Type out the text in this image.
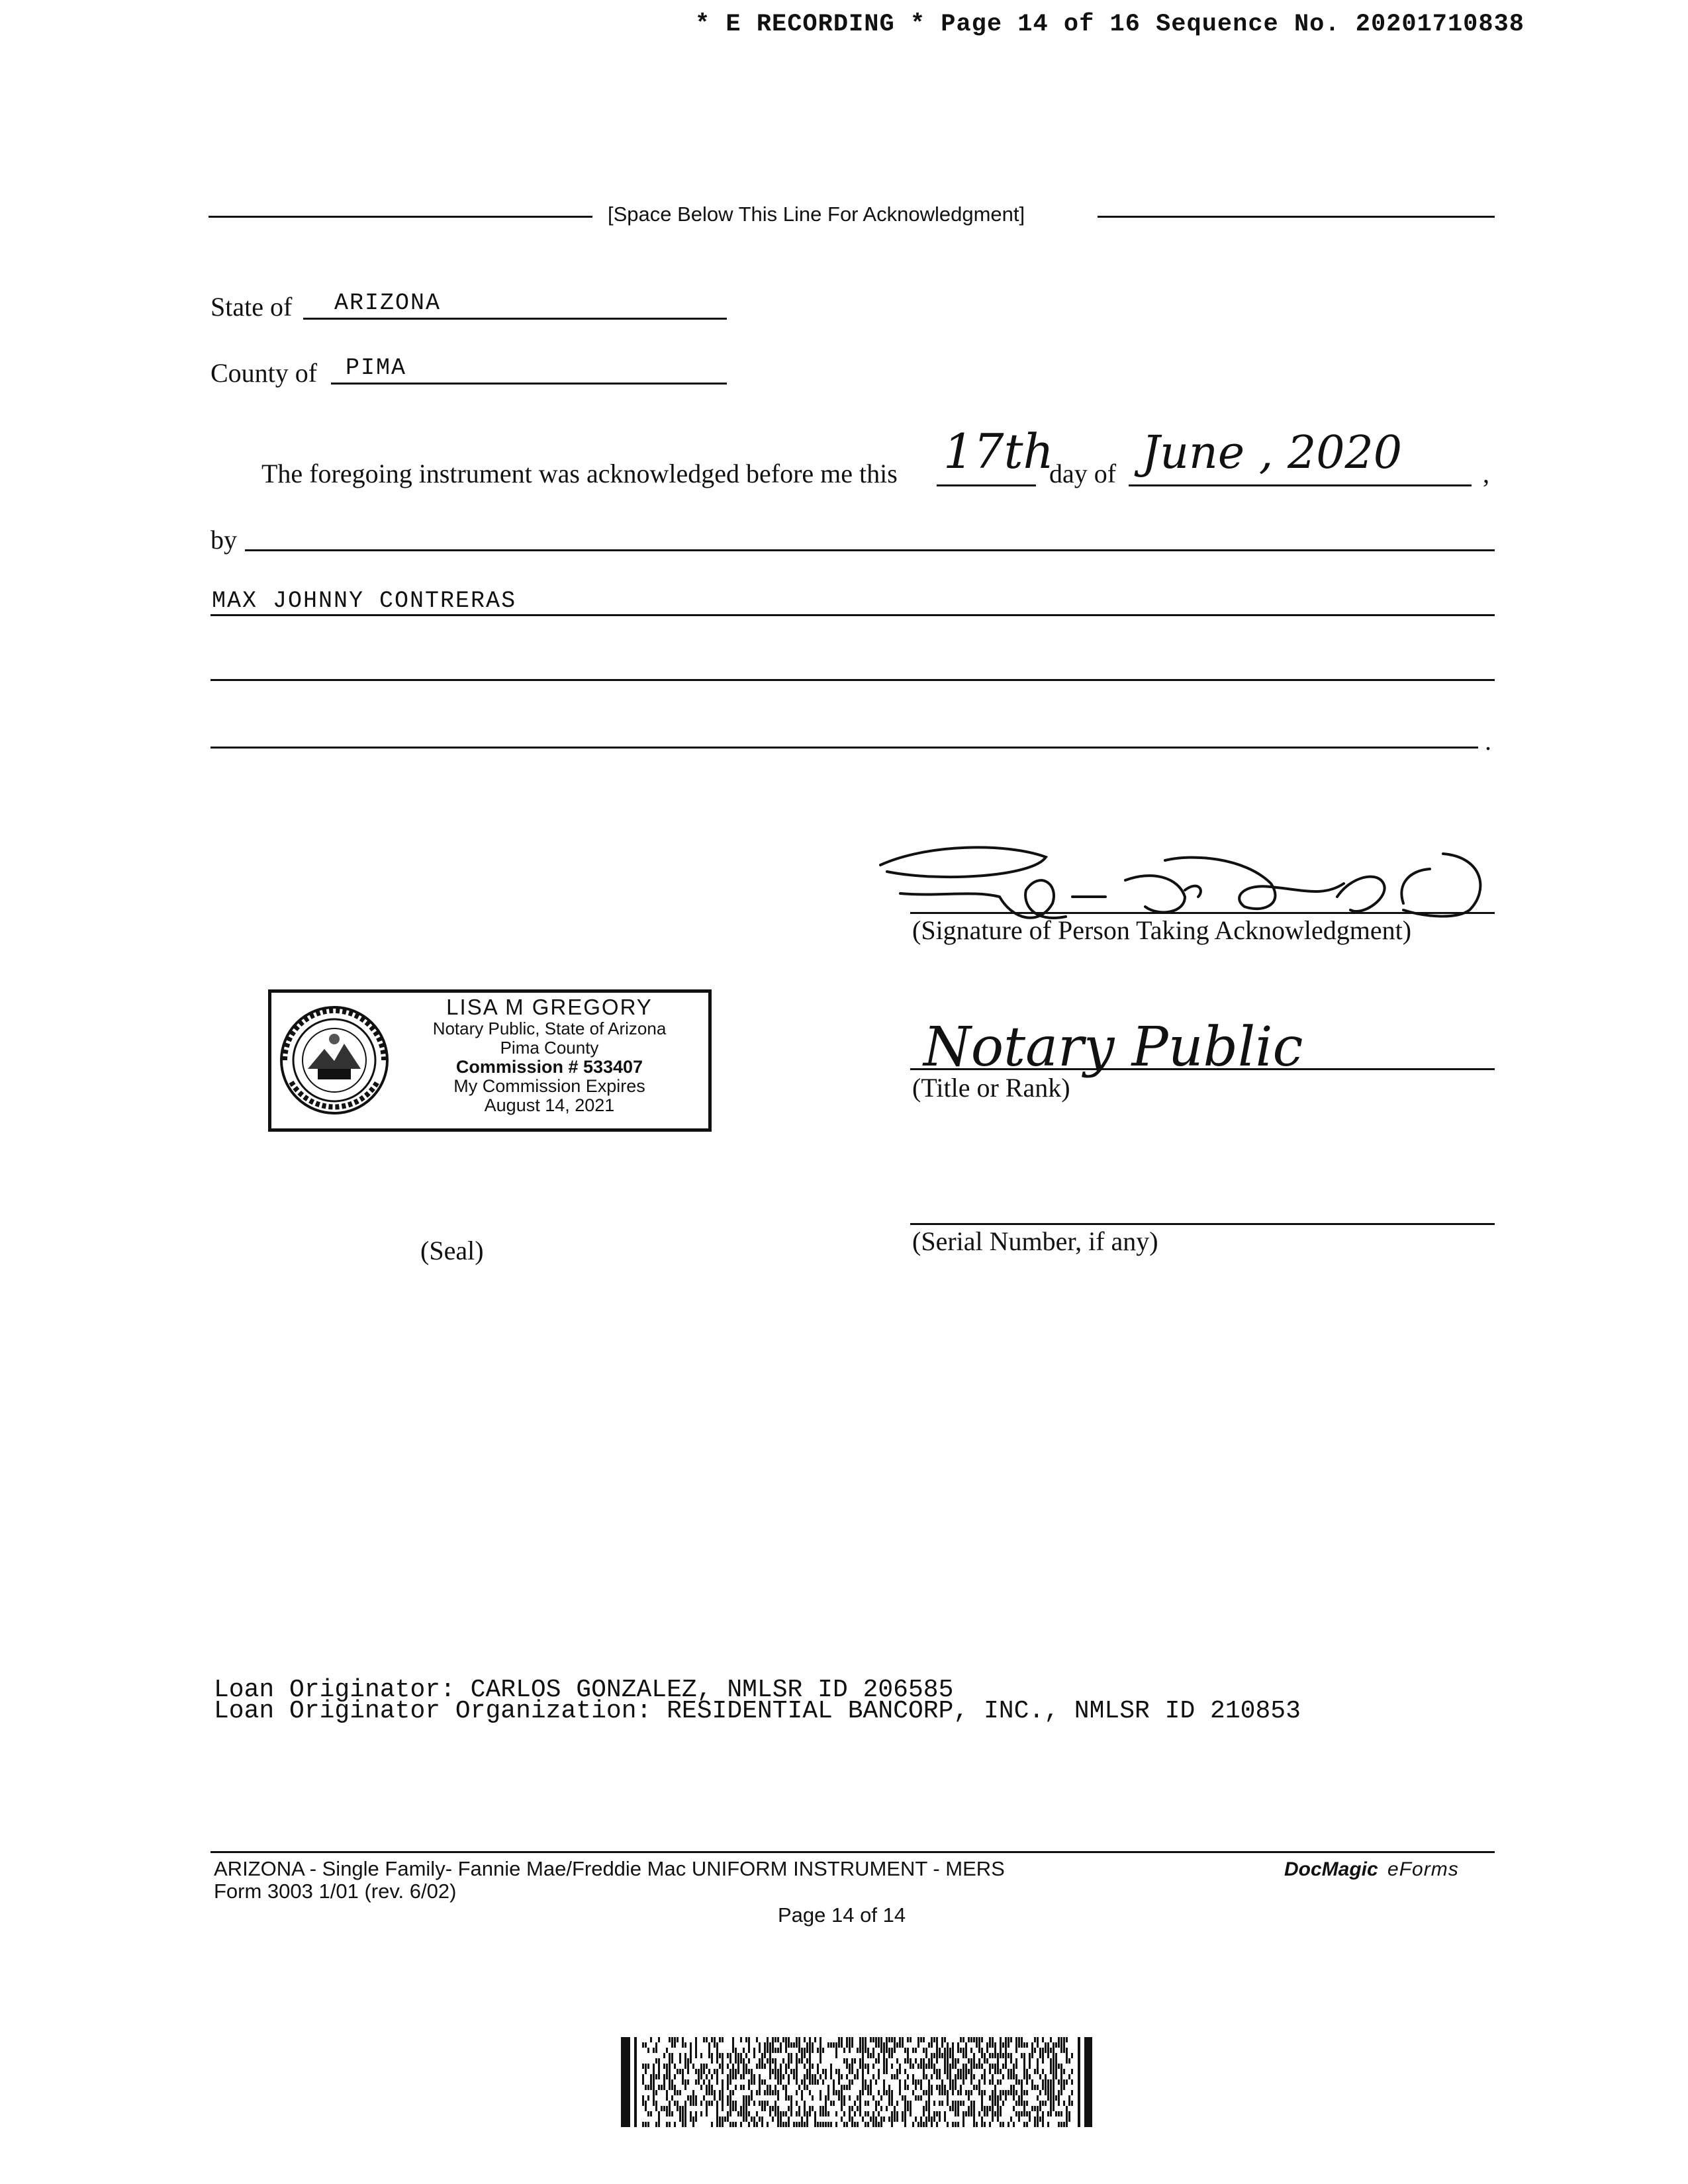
* E RECORDING * Page 14 of 16 Sequence No. 20201710838
[Space Below This Line For Acknowledgment]
State of ARIZONA
County of PIMA
The foregoing instrument was acknowledged before me this 17th
day of June , 2020	,
by
MAX JOHNNY CONTRERAS
.
(Signature of Person Taking Acknowledgment)
LISA M GREGORY
Notary Public, State of Arizona
Pima County
Commission # 533407
My Commission Expires
August 14, 2021
Notary Public
(Title or Rank)
(Seal)	(Serial Number, if any)
Loan Originator: CARLOS GONZALEZ, NMLSR ID 206585
Loan Originator Organization: RESIDENTIAL BANCORP, INC., NMLSR ID 210853
ARIZONA - Single Family- Fannie Mae/Freddie Mac UNIFORM INSTRUMENT - MERS
Form 3003 1/01 (rev. 6/02)
Page 14 of 14
DocMagic eForms
